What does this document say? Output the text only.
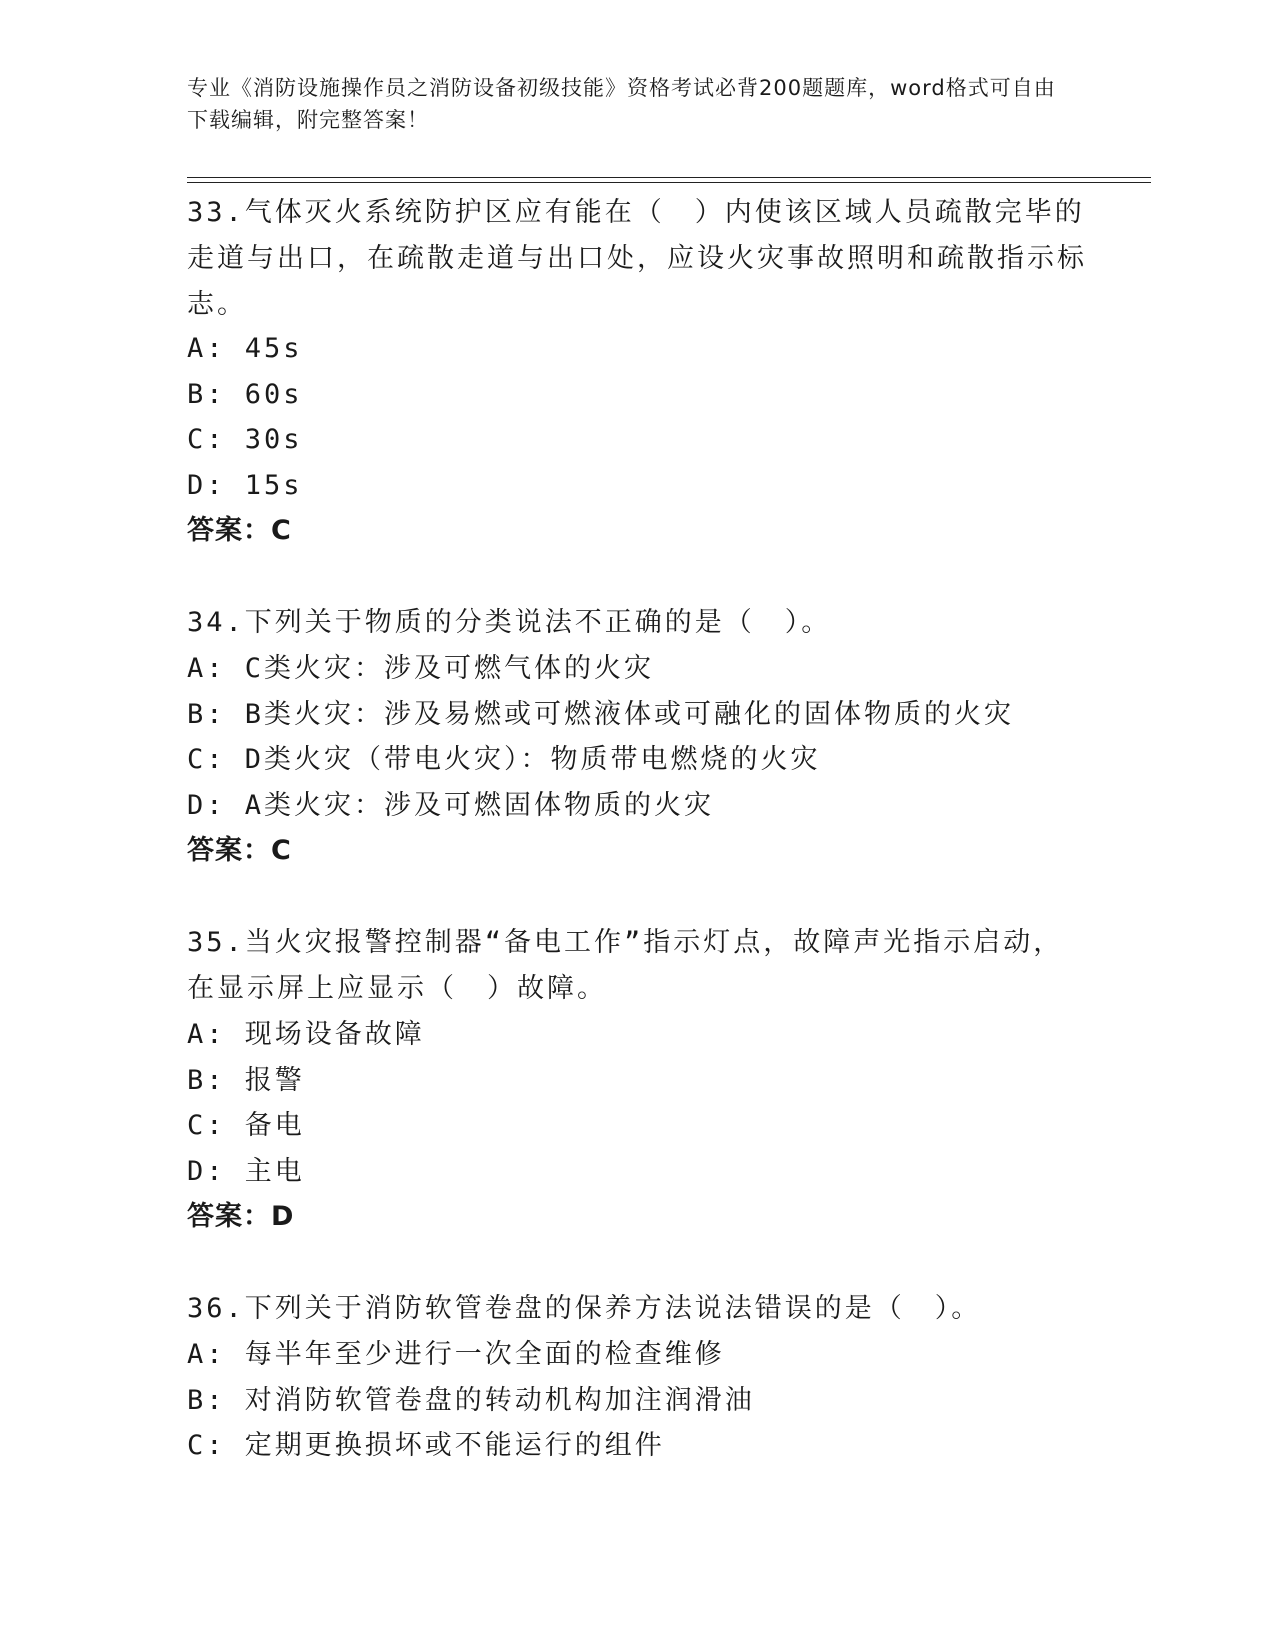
专业《消防设施操作员之消防设备初级技能》资格考试必背200题题库，word格式可自由下载编辑，附完整答案！

33.气体灭火系统防护区应有能在（　）内使该区域人员疏散完毕的走道与出口，在疏散走道与出口处，应设火灾事故照明和疏散指示标志。

A: 45s
B: 60s
C: 30s
D: 15s
答案：C

34.下列关于物质的分类说法不正确的是（　）。

A: C类火灾：涉及可燃气体的火灾
B: B类火灾：涉及易燃或可燃液体或可融化的固体物质的火灾
C: D类火灾（带电火灾）：物质带电燃烧的火灾
D: A类火灾：涉及可燃固体物质的火灾
答案：C

35.当火灾报警控制器“备电工作”指示灯点，故障声光指示启动，在显示屏上应显示（　）故障。

A: 现场设备故障
B: 报警
C: 备电
D: 主电
答案：D

36.下列关于消防软管卷盘的保养方法说法错误的是（　）。

A: 每半年至少进行一次全面的检查维修
B: 对消防软管卷盘的转动机构加注润滑油
C: 定期更换损坏或不能运行的组件
